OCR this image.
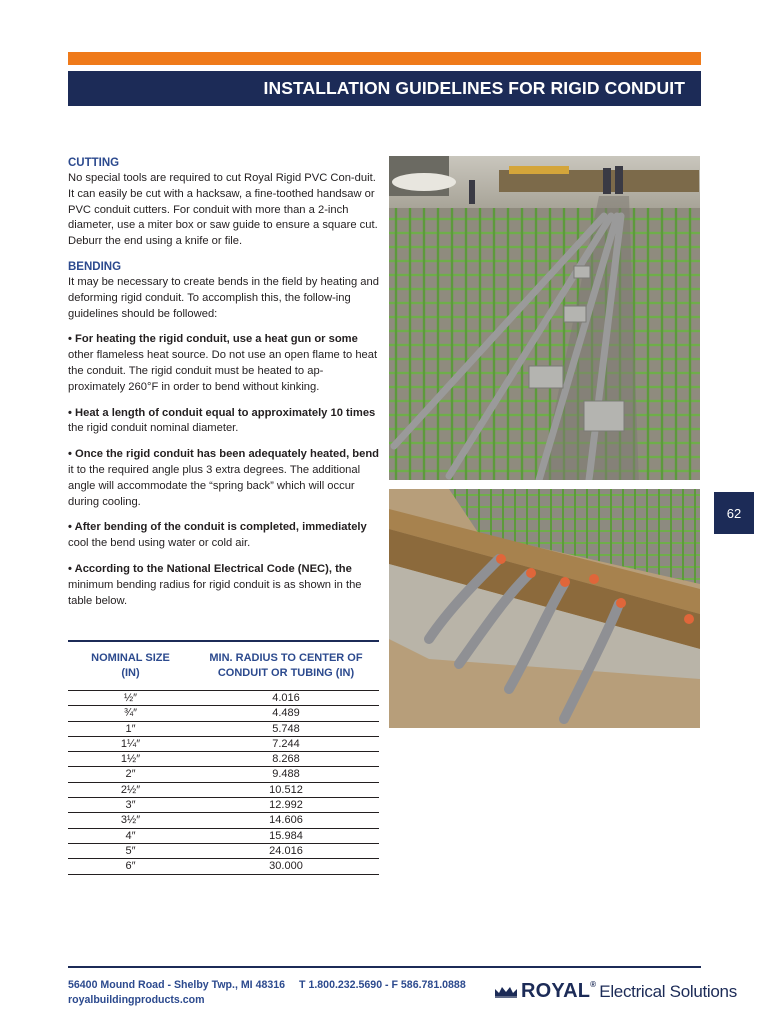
INSTALLATION GUIDELINES FOR RIGID CONDUIT
62
CUTTING

No special tools are required to cut Royal Rigid PVC Con-duit. It can easily be cut with a hacksaw, a fine-toothed handsaw or PVC conduit cutters. For conduit with more than a 2-inch diameter, use a miter box or saw guide to ensure a square cut. Deburr the end using a knife or file.

BENDING

It may be necessary to create bends in the field by heating and deforming rigid conduit. To accomplish this, the follow-ing guidelines should be followed:

• For heating the rigid conduit, use a heat gun or some other flameless heat source. Do not use an open flame to heat the conduit. The rigid conduit must be heated to ap-proximately 260°F in order to bend without kinking.

• Heat a length of conduit equal to approximately 10 times the rigid conduit nominal diameter.

• Once the rigid conduit has been adequately heated, bend it to the required angle plus 3 extra degrees. The additional angle will accommodate the “spring back” which will occur during cooling.

• After bending of the conduit is completed, immediately cool the bend using water or cold air.

• According to the National Electrical Code (NEC), the minimum bending radius for rigid conduit is as shown in the table below.

NOMINAL SIZE
(IN)
MIN. RADIUS TO CENTER OF
CONDUIT OR TUBING (IN)
½″	4.016
¾″	4.489
1″	5.748
1¼″	7.244
1½″	8.268
2″	9.488
2½″	10.512
3″	12.992
3½″	14.606
4″	15.984
5″	24.016
6″	30.000
56400 Mound Road - Shelby Twp., MI 48316 T 1.800.232.5690 - F 586.781.0888
royalbuildingproducts.com	ROYAL® Electrical Solutions
